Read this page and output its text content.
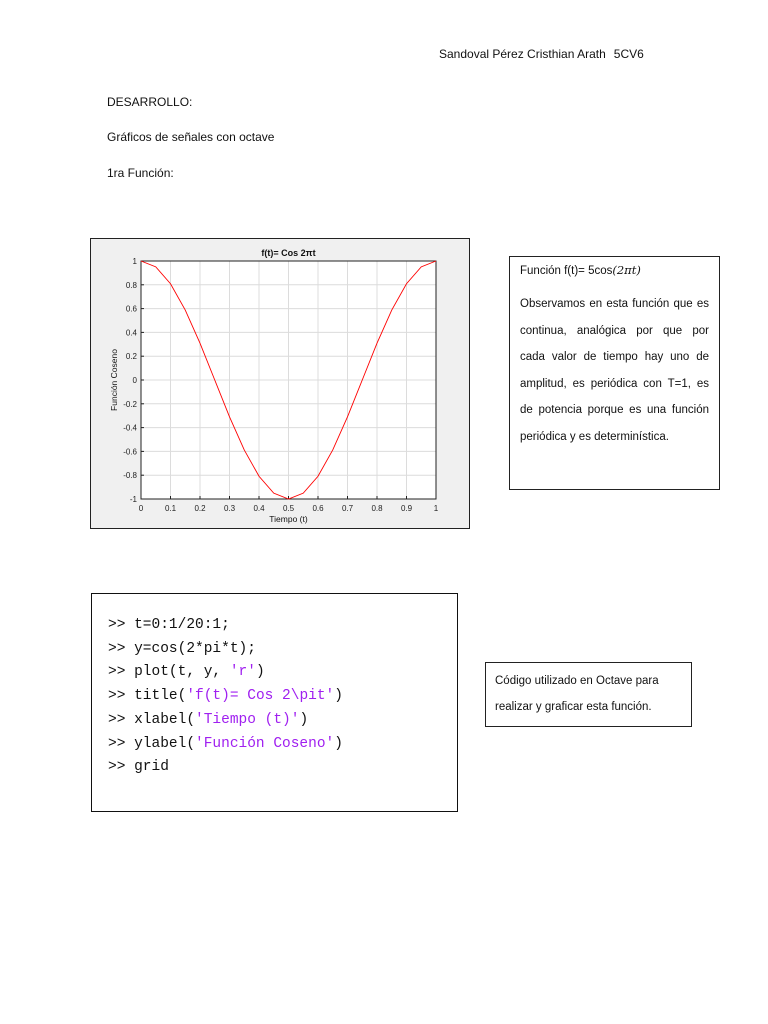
Sandoval Pérez Cristhian Arath 5CV6
DESARROLLO:
Gráficos de señales con octave
1ra Función:
0	0.1 0.2 0.3 0.4 0.5 0.6 0.7 0.8 0.9	1
1
0.8
0.6
0.4
0.2
0
-0.2
-0.4
-0.6
-0.8
-1
f(t)= Cos 2πt
Tiempo (t)
Función Coseno

Función f(t)= 5cos(2πt)

Observamos en esta función que es continua, analógica por que por cada valor de tiempo hay uno de amplitud, es periódica con T=1, es de potencia porque es una función periódica y es determinística.

>> t=0:1/20:1;
>> y=cos(2*pi*t);
>> plot(t, y, 'r')
>> title('f(t)= Cos 2\pit')
>> xlabel('Tiempo (t)')
>> ylabel('Función Coseno')
>> grid
Código utilizado en Octave para realizar y graficar esta función.
